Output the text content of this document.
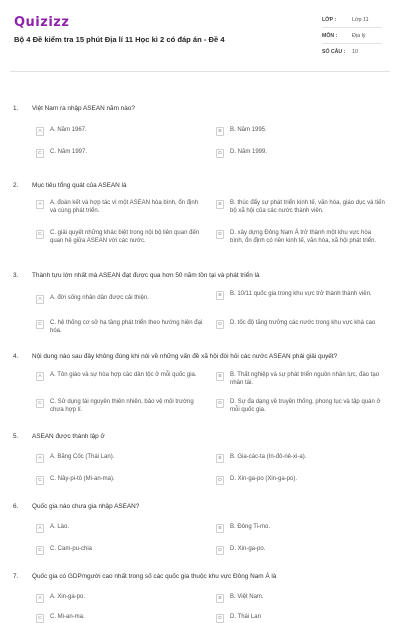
Quizizz
Bộ 4 Đề kiểm tra 15 phút Địa lí 11 Học kì 2 có đáp án - Đề 4
LỚP :	Lớp 11
MÔN :	Địa lý
SỐ CÂU :	10
1.	Việt Nam ra nhập ASEAN năm nào?
A	A. Năm 1967.	B	B. Năm 1995.
C	C. Năm 1997.	D	D. Năm 1999.
2.	Mục tiêu tổng quát của ASEAN là
A	A. đoàn kết và hợp tác vì một ASEAN hòa bình, ổn định và cùng phát triển.
B	B. thúc đẩy sự phát triển kinh tế, văn hóa, giáo dục và tiến bộ xã hội của các nước thành viên.
C	C. giải quyết những khác biệt trong nội bộ liên quan đến quan hệ giữa ASEAN với các nước.
D	D. xây dựng Đông Nam Á trở thành một khu vực hòa bình, ổn định có nền kinh tế, văn hóa, xã hội phát triển.
3.	Thành tựu lớn nhất mà ASEAN đạt được qua hơn 50 năm tồn tại và phát triển là
A	A. đời sống nhân dân được cải thiện.	B	B. 10/11 quốc gia trong khu vực trở thành thành viên.
C	C. hệ thống cơ sở hạ tầng phát triển theo hướng hiện đại hóa.
D	D. tốc độ tăng trưởng các nước trong khu vực khá cao
4.	Nội dung nào sau đây không đúng khi nói về những vấn đề xã hội đòi hỏi các nước ASEAN phải giải quyết?
A	A. Tôn giáo và sự hòa hợp các dân tộc ở mỗi quốc gia.	B	B. Thất nghiệp và sự phát triển nguồn nhân lực, đào tạo nhân tài.
C	C. Sử dụng tài nguyên thiên nhiên, bảo vệ môi trường chưa hợp lí.
D	D. Sự đa dạng về truyền thống, phong tục và tập quán ở mỗi quốc gia.
5.	ASEAN được thành lập ở
A	A. Băng Cốc (Thái Lan).	B	B. Gia-các-ta (In-đô-nê-xi-a).
C	C. Nây-pi-tô (Mi-an-ma).	D	D. Xin-ga-po (Xin-ga-po).
6.	Quốc gia nào chưa gia nhập ASEAN?
A	A. Lào.	B	B. Đông Ti-mo.
C	C. Cam-pu-chia	D	D. Xin-ga-po.
7.	Quốc gia có GDP/người cao nhất trong số các quốc gia thuộc khu vực Đông Nam Á là
A	A. Xin-ga-po.	B	B. Việt Nam.
C	C. Mi-an-ma.	D	D. Thái Lan
